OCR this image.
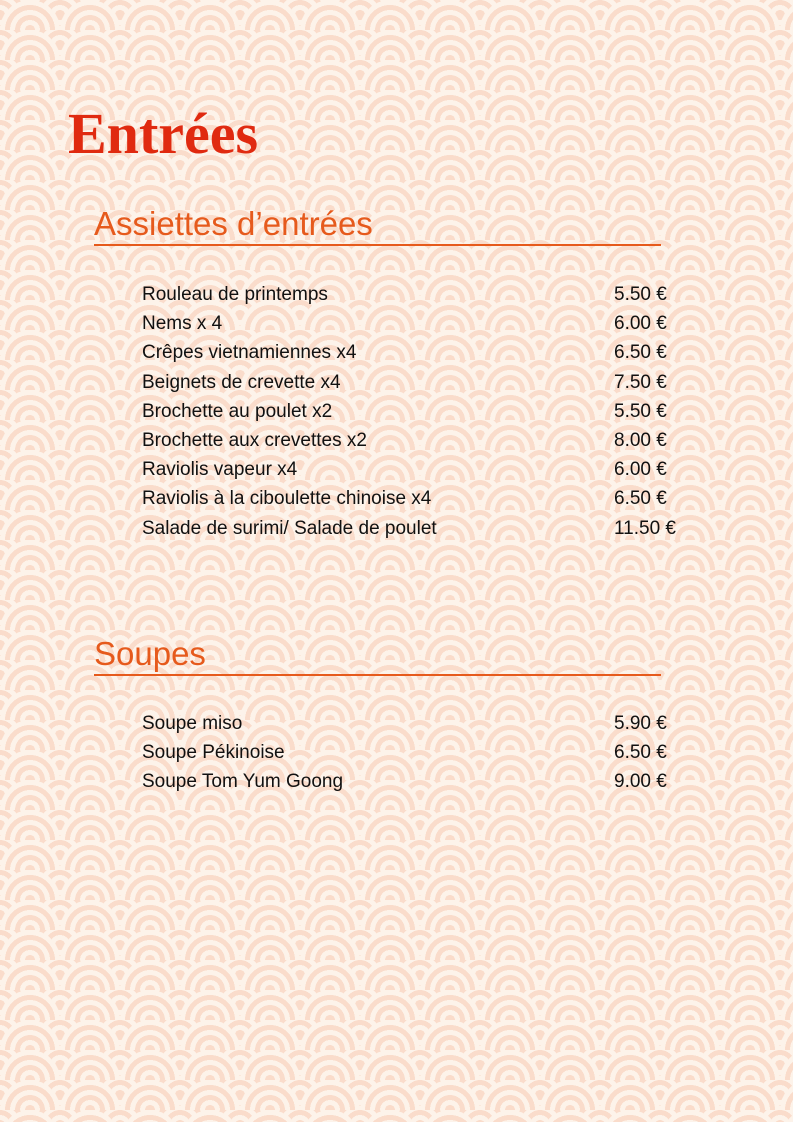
Entrées
Assiettes d’entrées
Rouleau de printemps	5.50 €
Nems x 4	6.00 €
Crêpes vietnamiennes x4	6.50 €
Beignets de crevette x4	7.50 €
Brochette au poulet x2	5.50 €
Brochette aux crevettes x2	8.00 €
Raviolis vapeur x4	6.00 €
Raviolis à la ciboulette chinoise x4	6.50 €
Salade de surimi/ Salade de poulet	11.50 €
Soupes
Soupe miso	5.90 €
Soupe Pékinoise	6.50 €
Soupe Tom Yum Goong	9.00 €
